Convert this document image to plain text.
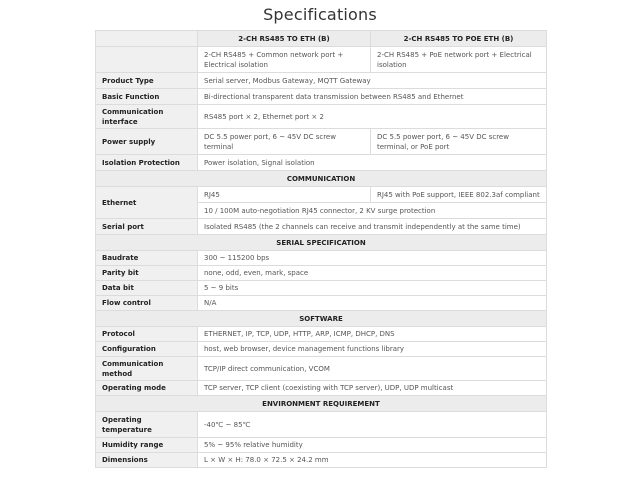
Specifications
	2-CH RS485 TO ETH (B)	2-CH RS485 TO POE ETH (B)
	2-CH RS485 + Common network port + Electrical isolation	2-CH RS485 + PoE network port + Electrical isolation
Product Type	Serial server, Modbus Gateway, MQTT Gateway	
Basic Function	Bi-directional transparent data transmission between RS485 and Ethernet	
Communication interface	RS485 port × 2, Ethernet port × 2	
Power supply	DC 5.5 power port, 6 ~ 45V DC screw terminal	DC 5.5 power port, 6 ~ 45V DC screw terminal, or PoE port
Isolation Protection	Power isolation, Signal isolation	
COMMUNICATION		
Ethernet	RJ45	RJ45 with PoE support, IEEE 802.3af compliant
	10 / 100M auto-negotiation RJ45 connector, 2 KV surge protection	
Serial port	Isolated RS485 (the 2 channels can receive and transmit independently at the same time)	
SERIAL SPECIFICATION		
Baudrate	300 ~ 115200 bps	
Parity bit	none, odd, even, mark, space	
Data bit	5 ~ 9 bits	
Flow control	N/A	
SOFTWARE		
Protocol	ETHERNET, IP, TCP, UDP, HTTP, ARP, ICMP, DHCP, DNS	
Configuration	host, web browser, device management functions library	
Communication method	TCP/IP direct communication, VCOM	
Operating mode	TCP server, TCP client (coexisting with TCP server), UDP, UDP multicast	
ENVIRONMENT REQUIREMENT		
Operating temperature	-40℃ ~ 85℃	
Humidity range	5% ~ 95% relative humidity	
Dimensions	L × W × H: 78.0 × 72.5 × 24.2 mm	
